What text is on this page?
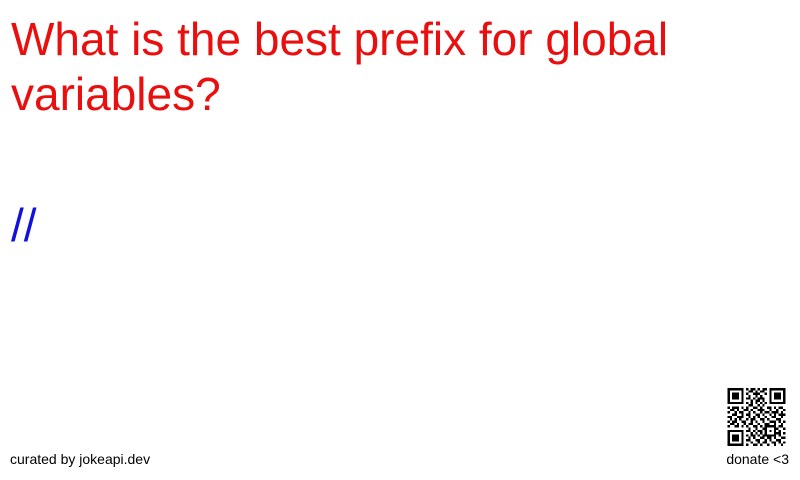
What is the best prefix for global variables?
//
curated by jokeapi.dev	donate <3
